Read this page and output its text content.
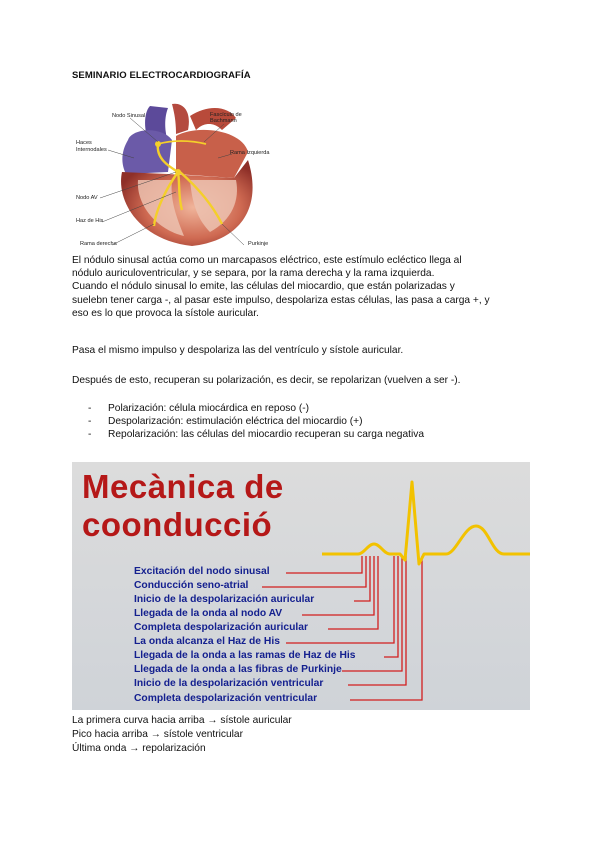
SEMINARIO ELECTROCARDIOGRAFÍA
Nodo Sinusal	Fascículo de Bachmann
Haces
Internodales	Rama Izquierda
Nodo AV
Haz de His
Rama derecha	Purkinje
El nódulo sinusal actúa como un marcapasos eléctrico, este estímulo ecléctico llega al
nódulo auriculoventricular, y se separa, por la rama derecha y la rama izquierda.
Cuando el nódulo sinusal lo emite, las células del miocardio, que están polarizadas y
suelebn tener carga -, al pasar este impulso, despolariza estas células, las pasa a carga +, y
eso es lo que provoca la sístole auricular.
Pasa el mismo impulso y despolariza las del ventrículo y sístole auricular.
Después de esto, recuperan su polarización, es decir, se repolarizan (vuelven a ser -).
- Polarización: célula miocárdica en reposo (-)
- Despolarización: estimulación eléctrica del miocardio (+)
- Repolarización: las células del miocardio recuperan su carga negativa
Mecànica de
coonducció
Excitación del nodo sinusal
Conducción seno-atrial
Inicio de la despolarización auricular
Llegada de la onda al nodo AV
Completa despolarización auricular
La onda alcanza el Haz de His
Llegada de la onda a las ramas de Haz de His
Llegada de la onda a las fibras de Purkinje
Inicio de la despolarización ventricular
Completa despolarización ventricular
La primera curva hacia arriba → sístole auricular
Pico hacia arriba → sístole ventricular
Última onda → repolarización
